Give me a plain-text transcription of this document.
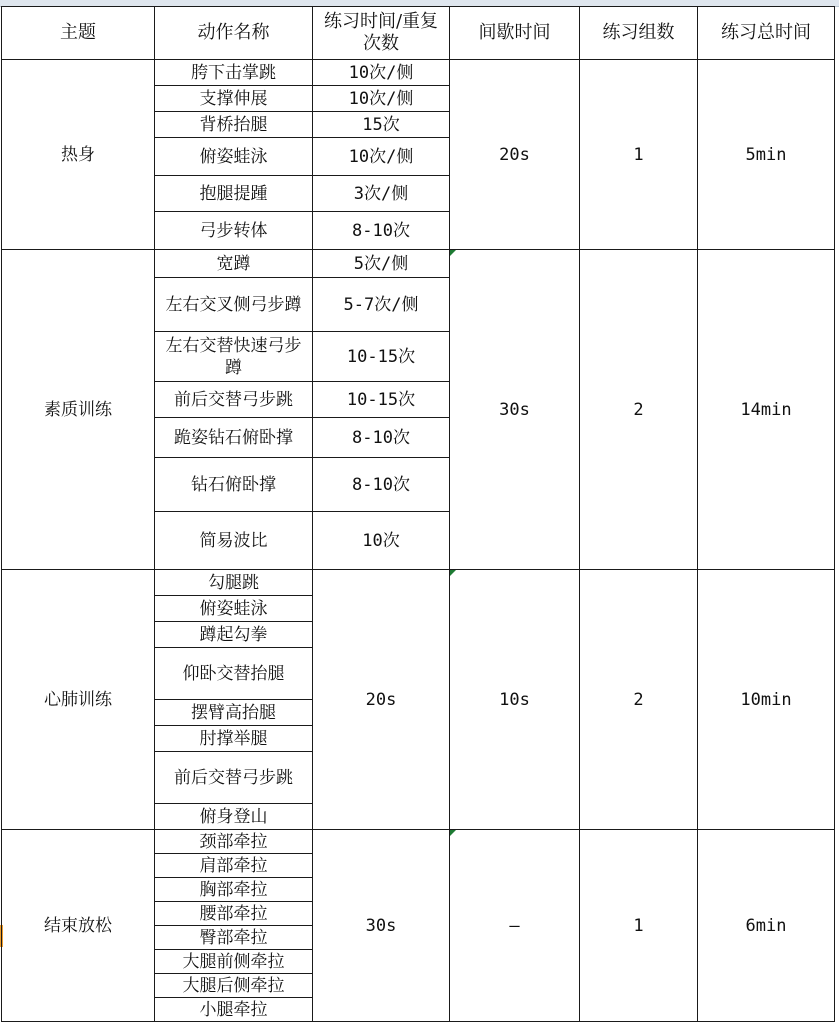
主题	动作名称	练习时间/重复次数	间歇时间	练习组数	练习总时间
热身	胯下击掌跳	10次/侧	20s	1	5min
	支撑伸展	10次/侧			
	背桥抬腿	15次			
	俯姿蛙泳	10次/侧			
	抱腿提踵	3次/侧			
	弓步转体	8-10次			
素质训练	宽蹲	5次/侧	30s	2	14min
	左右交叉侧弓步蹲	5-7次/侧			
	左右交替快速弓步蹲	10-15次			
	前后交替弓步跳	10-15次			
	跪姿钻石俯卧撑	8-10次			
	钻石俯卧撑	8-10次			
	简易波比	10次			
心肺训练	勾腿跳	20s	10s	2	10min
	俯姿蛙泳				
	蹲起勾拳				
	仰卧交替抬腿				
	摆臂高抬腿				
	肘撑举腿				
	前后交替弓步跳				
	俯身登山				
结束放松	颈部牵拉	30s	—	1	6min
	肩部牵拉				
	胸部牵拉				
	腰部牵拉				
	臀部牵拉				
	大腿前侧牵拉				
	大腿后侧牵拉				
	小腿牵拉				
